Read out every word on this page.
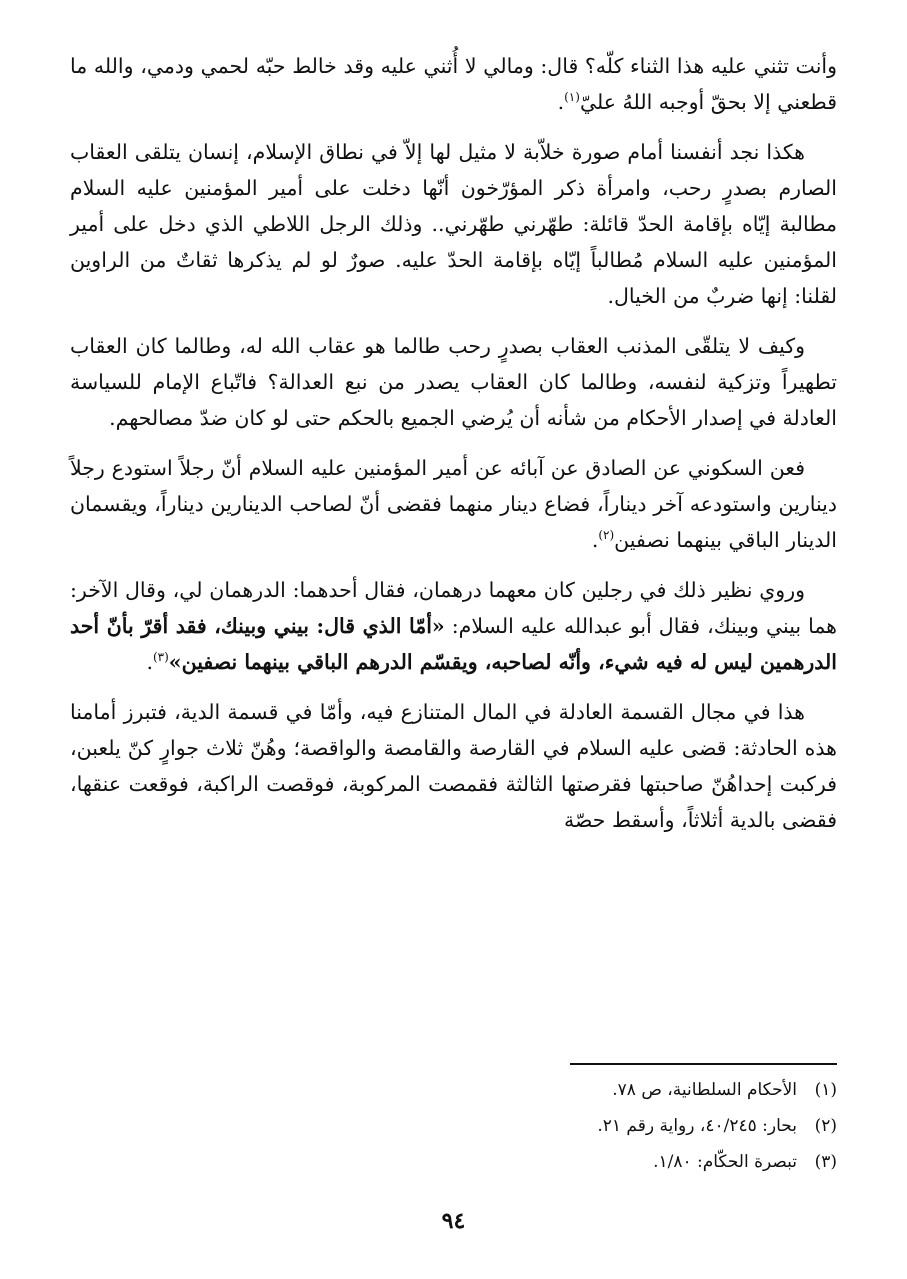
وأنت تثني عليه هذا الثناء كلّه؟ قال: ومالي لا أُثني عليه وقد خالط حبّه لحمي ودمي، والله ما قطعني إلا بحقّ أوجبه اللهُ عليّ$^{(١)}$.

هكذا نجد أنفسنا أمام صورة خلاّبة لا مثيل لها إلاّ في نطاق الإسلام، إنسان يتلقى العقاب الصارم بصدرٍ رحب، وامرأة ذكر المؤرّخون أنّها دخلت على أمير المؤمنين عليه السلام مطالبة إيّاه بإقامة الحدّ قائلة: طهّرني طهّرني.. وذلك الرجل اللاطي الذي دخل على أمير المؤمنين عليه السلام مُطالباً إيّاه بإقامة الحدّ عليه. صورٌ لو لم يذكرها ثقاتٌ من الراوين لقلنا: إنها ضربٌ من الخيال.

وكيف لا يتلقّى المذنب العقاب بصدرٍ رحب طالما هو عقاب الله له، وطالما كان العقاب تطهيراً وتزكية لنفسه، وطالما كان العقاب يصدر من نبع العدالة؟ فاتّباع الإمام للسياسة العادلة في إصدار الأحكام من شأنه أن يُرضي الجميع بالحكم حتى لو كان ضدّ مصالحهم.

فعن السكوني عن الصادق عن آبائه عن أمير المؤمنين عليه السلام أنّ رجلاً استودع رجلاً دينارين واستودعه آخر ديناراً، فضاع دينار منهما فقضى أنّ لصاحب الدينارين ديناراً، ويقسمان الدينار الباقي بينهما نصفين$^{(٢)}$.

وروي نظير ذلك في رجلين كان معهما درهمان، فقال أحدهما: الدرهمان لي، وقال الآخر: هما بيني وبينك، فقال أبو عبدالله عليه السلام: «أمّا الذي قال: بيني وبينك، فقد أقرّ بأنّ أحد الدرهمين ليس له فيه شيء، وأنّه لصاحبه، ويقسّم الدرهم الباقي بينهما نصفين»$^{(٣)}$.

هذا في مجال القسمة العادلة في المال المتنازع فيه، وأمّا في قسمة الدية، فتبرز أمامنا هذه الحادثة: قضى عليه السلام في القارصة والقامصة والواقصة؛ وهُنّ ثلاث جوارٍ كنّ يلعبن، فركبت إحداهُنّ صاحبتها فقرصتها الثالثة فقمصت المركوبة، فوقصت الراكبة، فوقعت عنقها، فقضى بالدية أثلاثاً، وأسقط حصّة

(١)الأحكام السلطانية، ص ٧٨.
(٢)بحار: ٤٠/٢٤٥، رواية رقم ٢١.
(٣)تبصرة الحكّام: ١/٨٠.
٩٤
